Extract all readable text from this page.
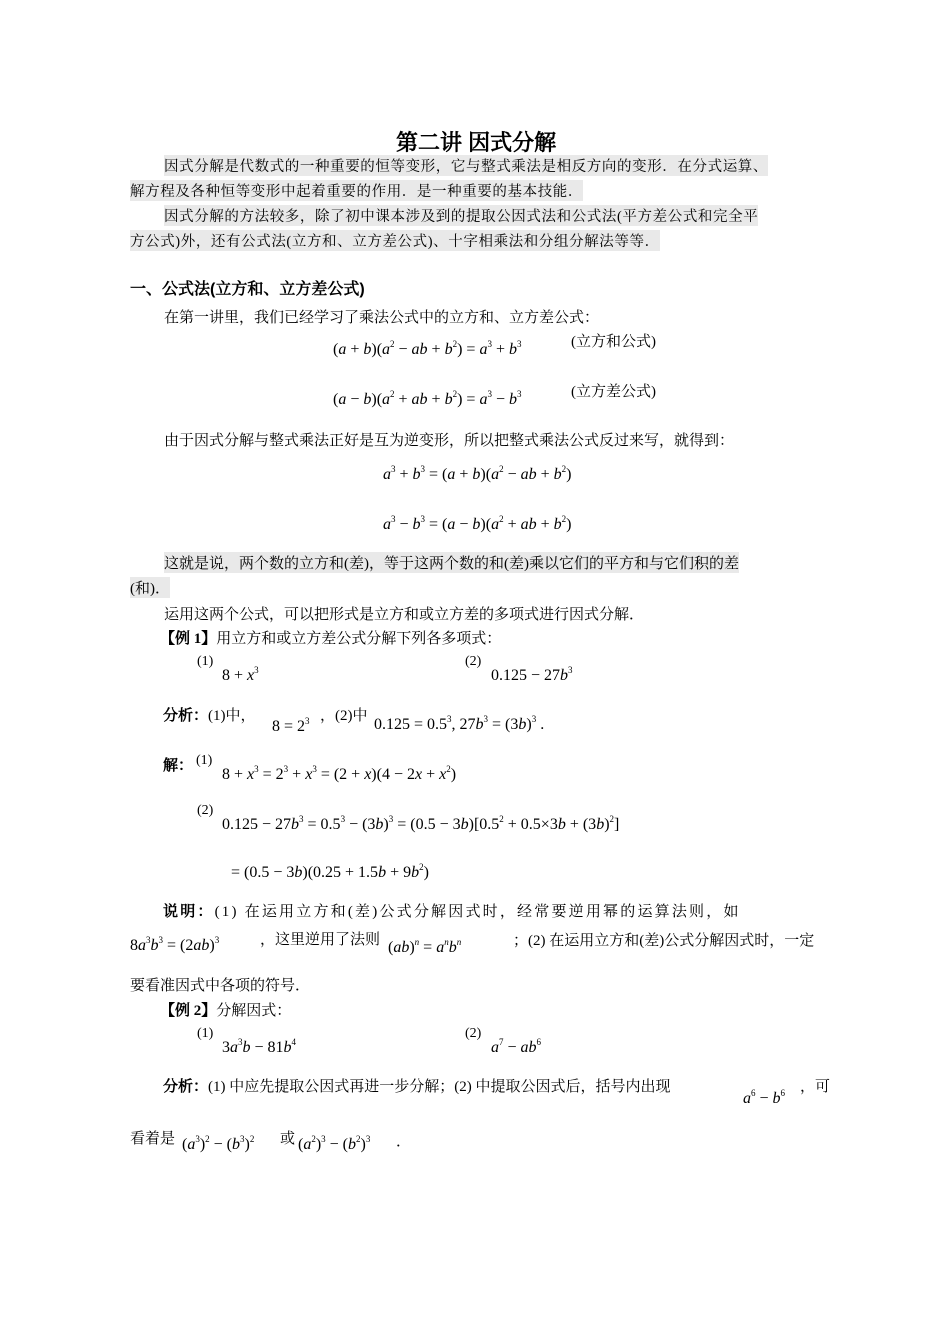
第二讲 因式分解
因式分解是代数式的一种重要的恒等变形，它与整式乘法是相反方向的变形．在分式运算、
解方程及各种恒等变形中起着重要的作用．是一种重要的基本技能．
因式分解的方法较多，除了初中课本涉及到的提取公因式法和公式法(平方差公式和完全平
方公式)外，还有公式法(立方和、立方差公式)、十字相乘法和分组分解法等等．
一、公式法(立方和、立方差公式)
在第一讲里，我们已经学习了乘法公式中的立方和、立方差公式：
$(a + b)(a^2$ − ab + $b^2) = a^3 + b^3$	(立方和公式)
$(a - b)(a^2$ + ab + $b^2) = a^3 - b^3$	(立方差公式)
由于因式分解与整式乘法正好是互为逆变形，所以把整式乘法公式反过来写，就得到：
$a^3 + b^3 = (a + b)(a^2$ − ab + $b^2$)
$a^3 - b^3 = (a - b)(a^2$ + ab + $b^2$)
这就是说，两个数的立方和(差)，等于这两个数的和(差)乘以它们的平方和与它们积的差
(和)．
运用这两个公式，可以把形式是立方和或立方差的多项式进行因式分解．
【例 1】用立方和或立方差公式分解下列各多项式：
(1)
$8 + x^3$
(2)
$0.125 - 27b^3$
分析：(1)中，
$8 = 2^3$ ，(2)中 $0.125 = 0.5^3$, $27b^3 = (3b)^3$ .
解： (1)
$8 + x^3 = 2^3 + x^3 = (2 + x)(4 - 2x + x^2)$
(2)
$0.125 - 27b^3 = 0.5^3 - (3b)^3 = (0.5 - 3b)[0.5^2 + 0.5\times 3b + (3b)^2]$
= $(0.5 - 3b)(0.25 + 1.5b + 9b^2)$
说明：(1) 在运用立方和(差)公式分解因式时，经常要逆用幂的运算法则，如
$8a^3b^3 = (2ab)^3$	，这里逆用了法则 $(ab)^n = a^nb^n$	；(2) 在运用立方和(差)公式分解因式时，一定
要看准因式中各项的符号．
【例 2】分解因式：
(1)
$3a^3b - 81b^4$
(2)
$a^7 - ab^6$
分析：(1) 中应先提取公因式再进一步分解；(2) 中提取公因式后，括号内出现
$a^6 - b^6$ ，可
看着是 $(a^3)^2 - (b^3)^2$ 或 $(a^2)^3 - (b^2)^3$ ．
